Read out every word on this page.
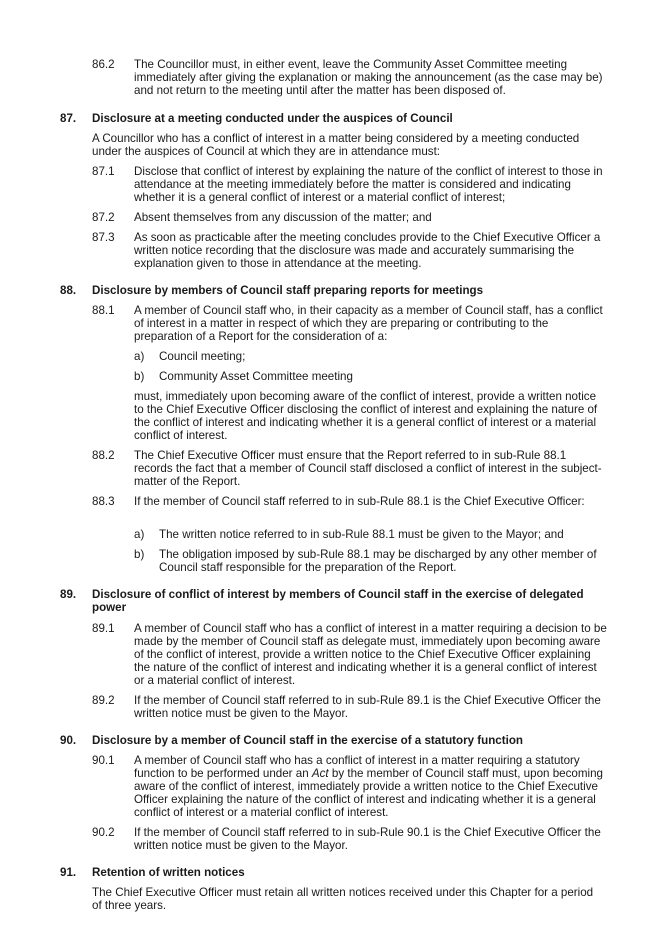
86.2 The Councillor must, in either event, leave the Community Asset Committee meeting immediately after giving the explanation or making the announcement (as the case may be) and not return to the meeting until after the matter has been disposed of.
87. Disclosure at a meeting conducted under the auspices of Council
A Councillor who has a conflict of interest in a matter being considered by a meeting conducted under the auspices of Council at which they are in attendance must:
87.1 Disclose that conflict of interest by explaining the nature of the conflict of interest to those in attendance at the meeting immediately before the matter is considered and indicating whether it is a general conflict of interest or a material conflict of interest;
87.2 Absent themselves from any discussion of the matter; and
87.3 As soon as practicable after the meeting concludes provide to the Chief Executive Officer a written notice recording that the disclosure was made and accurately summarising the explanation given to those in attendance at the meeting.
88. Disclosure by members of Council staff preparing reports for meetings
88.1 A member of Council staff who, in their capacity as a member of Council staff, has a conflict of interest in a matter in respect of which they are preparing or contributing to the preparation of a Report for the consideration of a:
a) Council meeting;
b) Community Asset Committee meeting
must, immediately upon becoming aware of the conflict of interest, provide a written notice to the Chief Executive Officer disclosing the conflict of interest and explaining the nature of the conflict of interest and indicating whether it is a general conflict of interest or a material conflict of interest.
88.2 The Chief Executive Officer must ensure that the Report referred to in sub-Rule 88.1 records the fact that a member of Council staff disclosed a conflict of interest in the subject-matter of the Report.
88.3 If the member of Council staff referred to in sub-Rule 88.1 is the Chief Executive Officer:
a) The written notice referred to in sub-Rule 88.1 must be given to the Mayor; and
b) The obligation imposed by sub-Rule 88.1 may be discharged by any other member of Council staff responsible for the preparation of the Report.
89. Disclosure of conflict of interest by members of Council staff in the exercise of delegated power
89.1 A member of Council staff who has a conflict of interest in a matter requiring a decision to be made by the member of Council staff as delegate must, immediately upon becoming aware of the conflict of interest, provide a written notice to the Chief Executive Officer explaining the nature of the conflict of interest and indicating whether it is a general conflict of interest or a material conflict of interest.
89.2 If the member of Council staff referred to in sub-Rule 89.1 is the Chief Executive Officer the written notice must be given to the Mayor.
90. Disclosure by a member of Council staff in the exercise of a statutory function
90.1 A member of Council staff who has a conflict of interest in a matter requiring a statutory function to be performed under an Act by the member of Council staff must, upon becoming aware of the conflict of interest, immediately provide a written notice to the Chief Executive Officer explaining the nature of the conflict of interest and indicating whether it is a general conflict of interest or a material conflict of interest.
90.2 If the member of Council staff referred to in sub-Rule 90.1 is the Chief Executive Officer the written notice must be given to the Mayor.
91. Retention of written notices
The Chief Executive Officer must retain all written notices received under this Chapter for a period of three years.
